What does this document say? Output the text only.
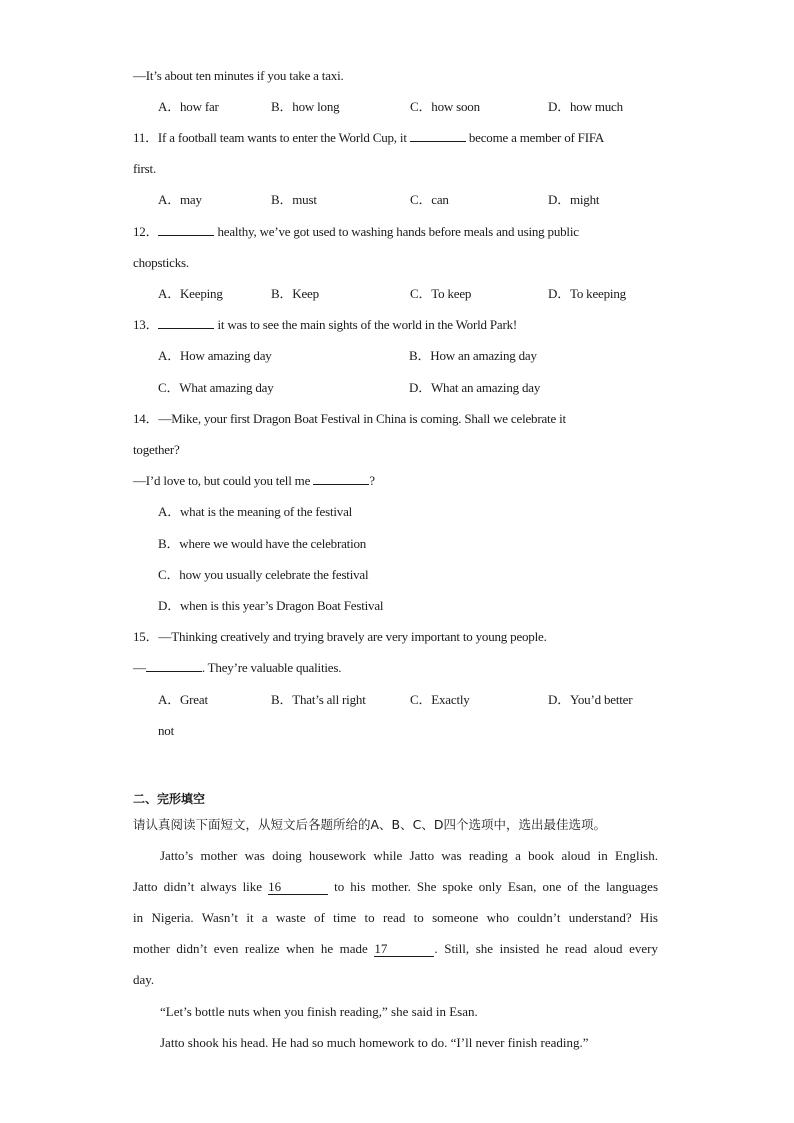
—It’s about ten minutes if you take a taxi.
A．how far	B．how long	C．how soon	D．how much
11．If a football team wants to enter the World Cup, it	become a member of FIFA
first.
A．may	B．must	C．can	D．might
12．	healthy, we’ve got used to washing hands before meals and using public
chopsticks.
A．Keeping	B．Keep	C．To keep	D．To keeping
13．	it was to see the main sights of the world in the World Park!
A．How amazing day	B．How an amazing day
C．What amazing day	D．What an amazing day
14．—Mike, your first Dragon Boat Festival in China is coming. Shall we celebrate it
together?
—I’d love to, but could you tell me	?
A．what is the meaning of the festival
B．where we would have the celebration
C．how you usually celebrate the festival
D．when is this year’s Dragon Boat Festival
15．—Thinking creatively and trying bravely are very important to young people.
—	. They’re valuable qualities.
A．Great	B．That’s all right	C．Exactly	D．You’d better
not
二、完形填空
请认真阅读下面短文，从短文后各题所给的A、B、C、D四个选项中，选出最佳选项。
Jatto’s mother was doing housework while Jatto was reading a book aloud in English.
Jatto didn’t always like 16	to his mother. She spoke only Esan, one of the languages
in Nigeria. Wasn’t it a waste of time to read to someone who couldn’t understand? His
mother didn’t even realize when he made 17	. Still, she insisted he read aloud every
day.
“Let’s bottle nuts when you finish reading,” she said in Esan.
Jatto shook his head. He had so much homework to do. “I’ll never finish reading.”
